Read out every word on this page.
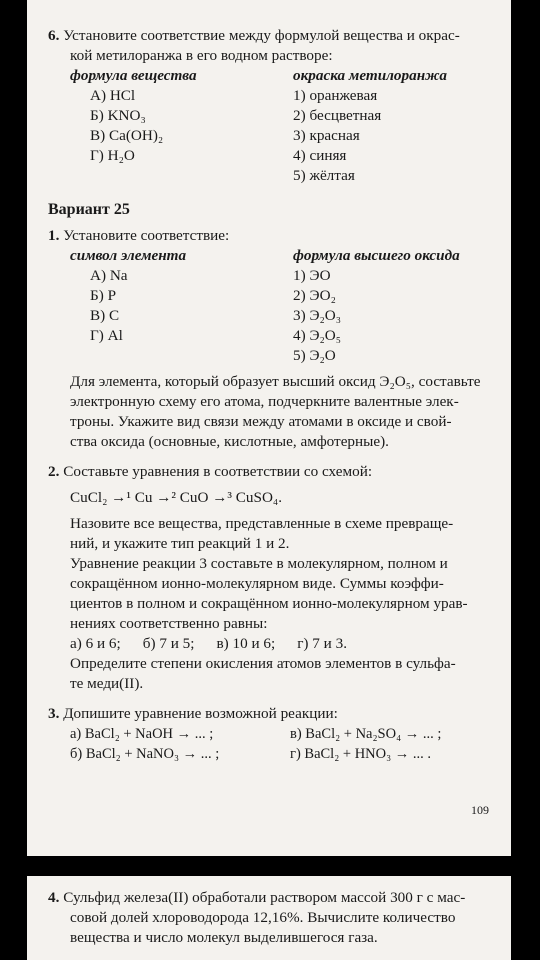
6. Установите соответствие между формулой вещества и окрас-

кой метилоранжа в его водном растворе:

формула вещества	окраска метилоранжа
А) HCl	1) оранжевая
Б) KNO₃	2) бесцветная
В) Ca(OH)₂	3) красная
Г) H₂O	4) синяя
5) жёлтая

Вариант 25

1. Установите соответствие:

символ элемента	формула высшего оксида
А) Na	1) ЭО
Б) P	2) ЭО₂
В) C	3) Э₂О₃
Г) Al	4) Э₂О₅
5) Э₂О

Для элемента, который образует высший оксид Э₂О₅, составьте

электронную схему его атома, подчеркните валентные элек-

троны. Укажите вид связи между атомами в оксиде и свой-

ства оксида (основные, кислотные, амфотерные).

2. Составьте уравнения в соответствии со схемой:

CuCl₂ →¹ Cu →² CuO →³ CuSO₄.

Назовите все вещества, представленные в схеме превраще-

ний, и укажите тип реакций 1 и 2.

Уравнение реакции 3 составьте в молекулярном, полном и

сокращённом ионно-молекулярном виде. Суммы коэффи-

циентов в полном и сокращённом ионно-молекулярном урав-

нениях соответственно равны:

а) 6 и 6; б) 7 и 5; в) 10 и 6; г) 7 и 3.

Определите степени окисления атомов элементов в сульфа-

те меди(II).

3. Допишите уравнение возможной реакции:

а) BaCl₂ + NaOH → ... ;	в) BaCl₂ + Na₂SO₄ → ... ;
б) BaCl₂ + NaNO₃ → ... ;	г) BaCl₂ + HNO₃ → ... .
109

4. Сульфид железа(II) обработали раствором массой 300 г с мас-

совой долей хлороводорода 12,16%. Вычислите количество

вещества и число молекул выделившегося газа.
